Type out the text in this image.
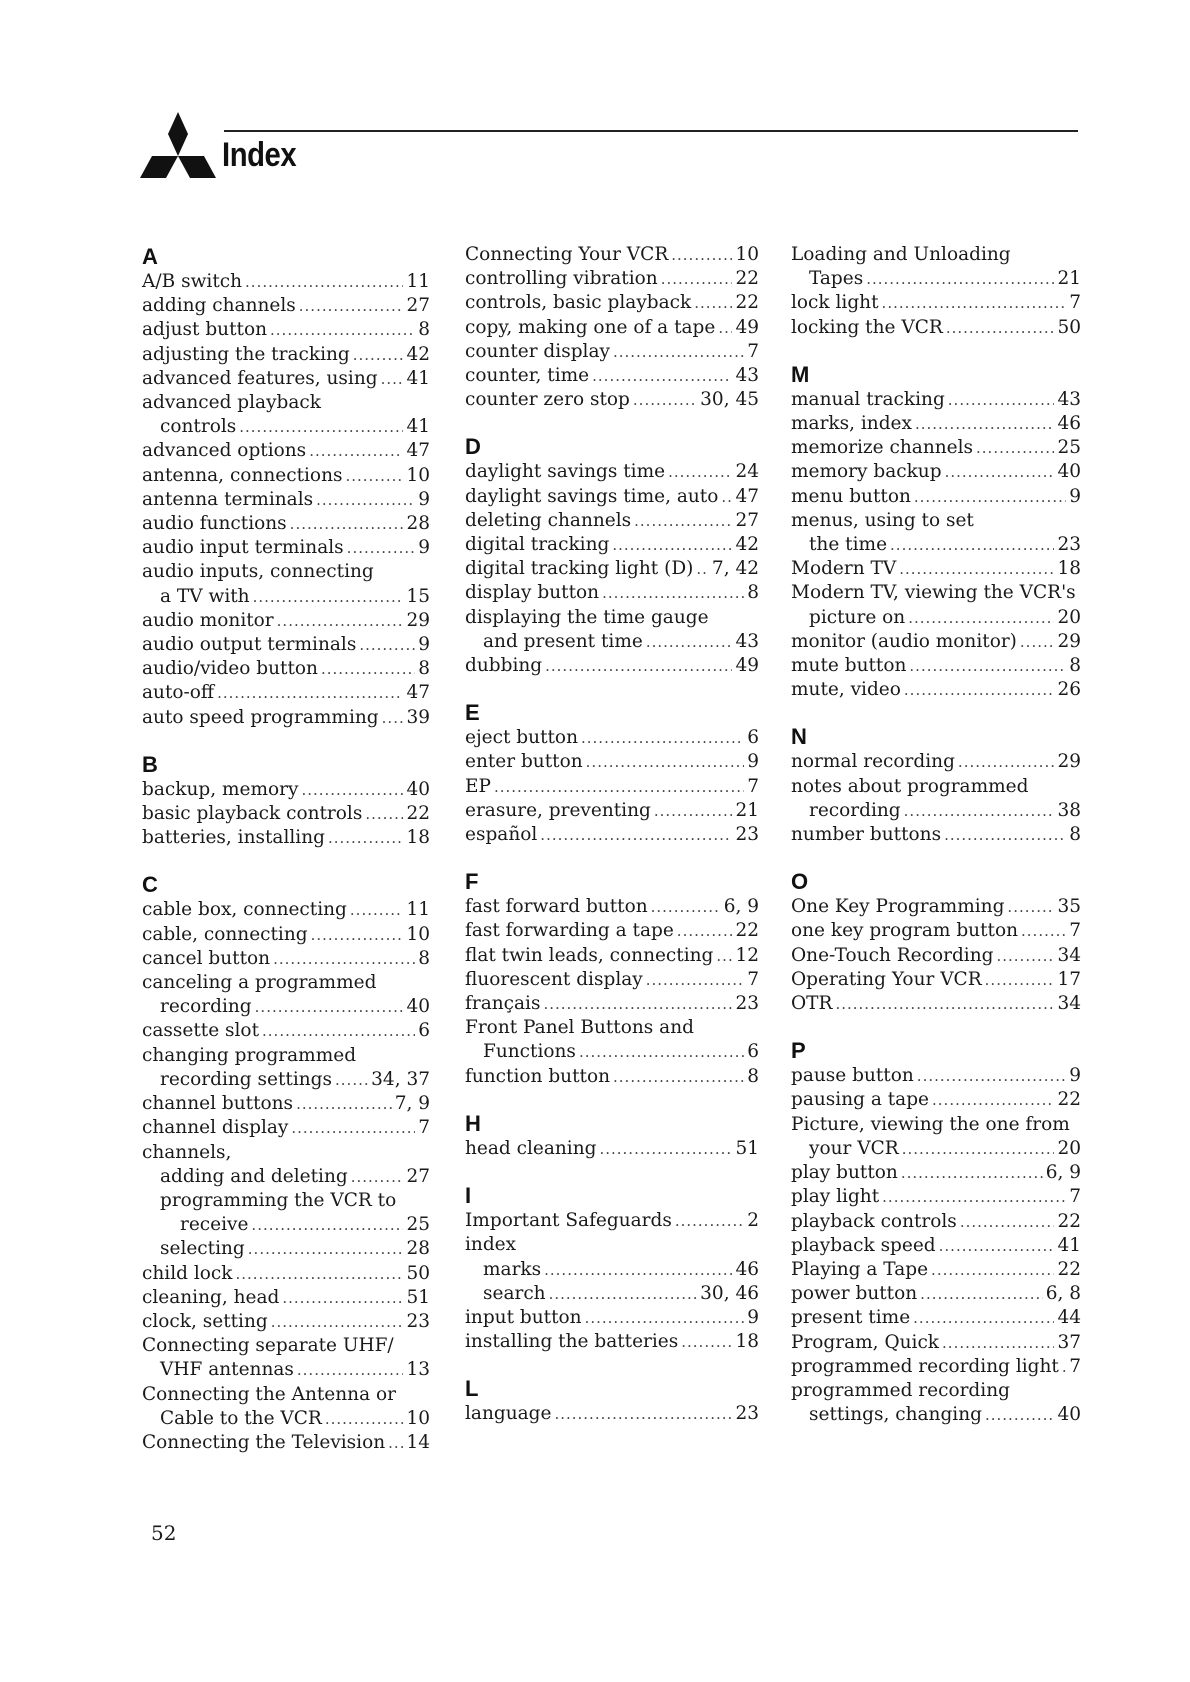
Index
A
A/B switch .....	11
adding channels .....	27
adjust button .....	8
adjusting the tracking .....	42
advanced features, using ..... 41
advanced playback
controls .....	41
advanced options .....	47
antenna, connections .....	10
antenna terminals .....	9
audio functions .....	28
audio input terminals .....	9
audio inputs, connecting
a TV with .....	15
audio monitor .....	29
audio output terminals .....	9
audio/video button .....	8
auto-off .....	47
auto speed programming ..... 39
B
backup, memory .....	40
basic playback controls ..... 22
batteries, installing .....	18
C
cable box, connecting .....	11
cable, connecting .....	10
cancel button .....	8
canceling a programmed
recording .....	40
cassette slot .....	6
changing programmed
recording settings ..... 34, 37
channel buttons .....	7, 9
channel display .....	7
channels,
adding and deleting .....	27
programming the VCR to
receive .....	25
selecting .....	28
child lock .....	50
cleaning, head .....	51
clock, setting .....	23
Connecting separate UHF/
VHF antennas .....	13
Connecting the Antenna or
Cable to the VCR .....	10
Connecting the Television ..... 14
Connecting Your VCR .....	10
controlling vibration .....	22
controls, basic playback ..... 22
copy, making one of a tape ..... 49
counter display .....	7
counter, time .....	43
counter zero stop .....	30, 45
D
daylight savings time .....	24
daylight savings time, auto ..... 47
deleting channels .....	27
digital tracking .....	42
digital tracking light (D) ..... 7, 42
display button .....	8
displaying the time gauge
and present time .....	43
dubbing .....	49
E
eject button .....	6
enter button .....	9
EP .....	7
erasure, preventing .....	21
español .....	23
F
fast forward button .....	6, 9
fast forwarding a tape .....	22
flat twin leads, connecting ..... 12
fluorescent display .....	7
français .....	23
Front Panel Buttons and
Functions .....	6
function button .....	8
H
head cleaning .....	51
I
Important Safeguards .....	2
index
marks .....	46
search .....	30, 46
input button .....	9
installing the batteries .....	18
L
language .....	23
Loading and Unloading
Tapes .....	21
lock light .....	7
locking the VCR .....	50
M
manual tracking .....	43
marks, index .....	46
memorize channels .....	25
memory backup .....	40
menu button .....	9
menus, using to set
the time .....	23
Modern TV .....	18
Modern TV, viewing the VCR's
picture on .....	20
monitor (audio monitor) ..... 29
mute button .....	8
mute, video .....	26
N
normal recording .....	29
notes about programmed
recording .....	38
number buttons .....	8
O
One Key Programming .....	35
one key program button .....	7
One-Touch Recording .....	34
Operating Your VCR .....	17
OTR .....	34
P
pause button .....	9
pausing a tape .....	22
Picture, viewing the one from
your VCR .....	20
play button .....	6, 9
play light .....	7
playback controls .....	22
playback speed .....	41
Playing a Tape .....	22
power button .....	6, 8
present time .....	44
Program, Quick .....	37
programmed recording light ..... 7
programmed recording
settings, changing .....	40
52
